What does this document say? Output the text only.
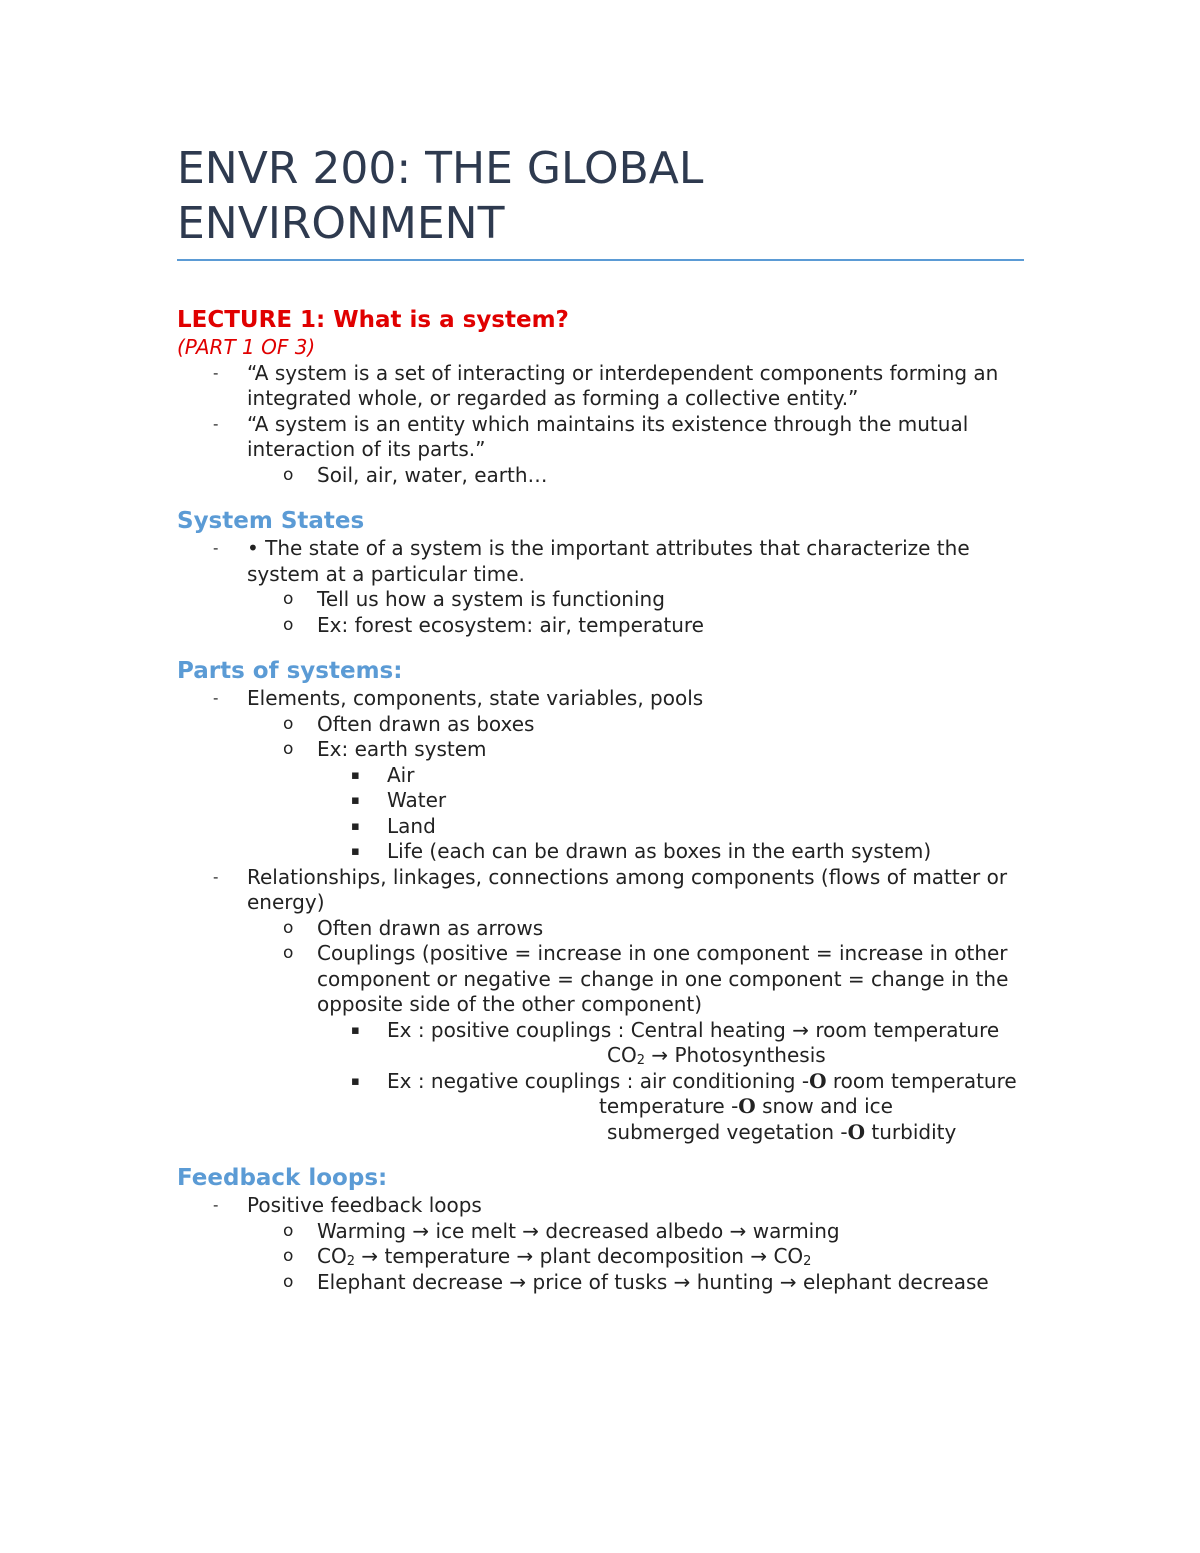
ENVR 200: THE GLOBAL ENVIRONMENT

LECTURE 1: What is a system?

(PART 1 OF 3)

-	“A system is a set of interacting or interdependent components forming an integrated whole, or regarded as forming a collective entity.”
-	“A system is an entity which maintains its existence through the mutual interaction of its parts.”
o	Soil, air, water, earth…

System States

-	• The state of a system is the important attributes that characterize the system at a particular time.
o	Tell us how a system is functioning
o	Ex: forest ecosystem: air, temperature

Parts of systems:

-	Elements, components, state variables, pools
o	Often drawn as boxes
o	Ex: earth system
▪	Air
▪	Water
▪	Land
▪	Life (each can be drawn as boxes in the earth system)
-	Relationships, linkages, connections among components (flows of matter or energy)
o	Often drawn as arrows
o	Couplings (positive = increase in one component = increase in other component or negative = change in one component = change in the opposite side of the other component)
▪	Ex : positive couplings : Central heating → room temperature
$CO_2$ → Photosynthesis
▪	Ex : negative couplings : air conditioning -O room temperature
temperature -O snow and ice
submerged vegetation -O turbidity

Feedback loops:

-	Positive feedback loops
o	Warming → ice melt → decreased albedo → warming
o	$CO_2$ → temperature → plant decomposition → $CO_2$
o	Elephant decrease → price of tusks → hunting → elephant decrease
